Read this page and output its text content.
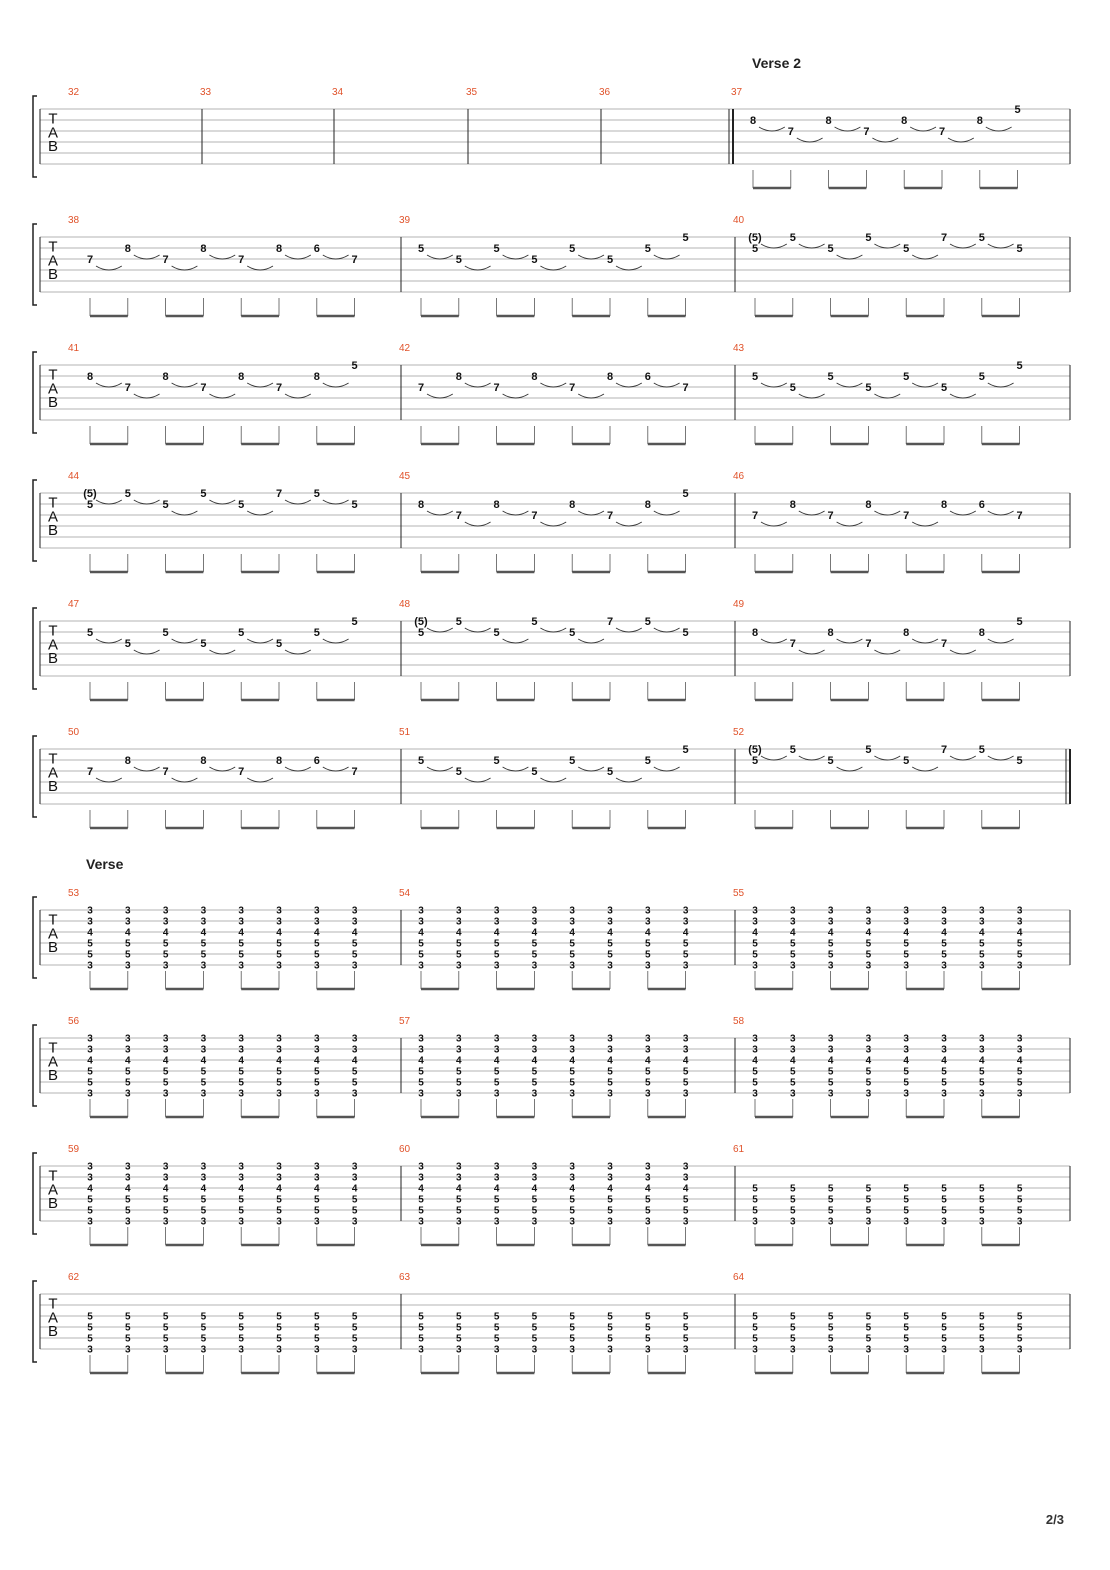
Verse 2
Verse
T
A
B
32	33	34	35	36	37
8
7
8
7
8
7
8
5
T
A
B
38
7
8
7
8
7
8	6
7
39
5
5
5
5
5
5
5
5
40
(5)
5
5
5
5
5
7	5
5
T
A
B
41
8
7
8
7
8
7
8
5
42
7
8
7
8
7
8	6
7
43
5
5
5
5
5
5
5
5
T
A
B
44
(5)
5
5
5
5
5
7	5
5
45
8
7
8
7
8
7
8
5
46
7
8
7
8
7
8	6
7
T
A
B
47
5
5
5
5
5
5
5
5
48
(5)
5
5
5
5
5
7	5
5
49
8
7
8
7
8
7
8
5
T
A
B
50
7
8
7
8
7
8	6
7
51
5
5
5
5
5
5
5
5
52
(5)
5
5
5
5
5
7	5
5
T
A
B
53
3
3
4
5
5
3
3
3
4
5
5
3
3
3
4
5
5
3
3
3
4
5
5
3
3
3
4
5
5
3
3
3
4
5
5
3
3
3
4
5
5
3
3
3
4
5
5
3
54
3
3
4
5
5
3
3
3
4
5
5
3
3
3
4
5
5
3
3
3
4
5
5
3
3
3
4
5
5
3
3
3
4
5
5
3
3
3
4
5
5
3
3
3
4
5
5
3
55
3
3
4
5
5
3
3
3
4
5
5
3
3
3
4
5
5
3
3
3
4
5
5
3
3
3
4
5
5
3
3
3
4
5
5
3
3
3
4
5
5
3
3
3
4
5
5
3
T
A
B
56
3
3
4
5
5
3
3
3
4
5
5
3
3
3
4
5
5
3
3
3
4
5
5
3
3
3
4
5
5
3
3
3
4
5
5
3
3
3
4
5
5
3
3
3
4
5
5
3
57
3
3
4
5
5
3
3
3
4
5
5
3
3
3
4
5
5
3
3
3
4
5
5
3
3
3
4
5
5
3
3
3
4
5
5
3
3
3
4
5
5
3
3
3
4
5
5
3
58
3
3
4
5
5
3
3
3
4
5
5
3
3
3
4
5
5
3
3
3
4
5
5
3
3
3
4
5
5
3
3
3
4
5
5
3
3
3
4
5
5
3
3
3
4
5
5
3
T
A
B
59
3
3
4
5
5
3
3
3
4
5
5
3
3
3
4
5
5
3
3
3
4
5
5
3
3
3
4
5
5
3
3
3
4
5
5
3
3
3
4
5
5
3
3
3
4
5
5
3
60
3
3
4
5
5
3
3
3
4
5
5
3
3
3
4
5
5
3
3
3
4
5
5
3
3
3
4
5
5
3
3
3
4
5
5
3
3
3
4
5
5
3
3
3
4
5
5
3
61
5
5
5
3
5
5
5
3
5
5
5
3
5
5
5
3
5
5
5
3
5
5
5
3
5
5
5
3
5
5
5
3
T
A
B
62
5
5
5
3
5
5
5
3
5
5
5
3
5
5
5
3
5
5
5
3
5
5
5
3
5
5
5
3
5
5
5
3
63
5
5
5
3
5
5
5
3
5
5
5
3
5
5
5
3
5
5
5
3
5
5
5
3
5
5
5
3
5
5
5
3
64
5
5
5
3
5
5
5
3
5
5
5
3
5
5
5
3
5
5
5
3
5
5
5
3
5
5
5
3
5
5
5
3
2/3
